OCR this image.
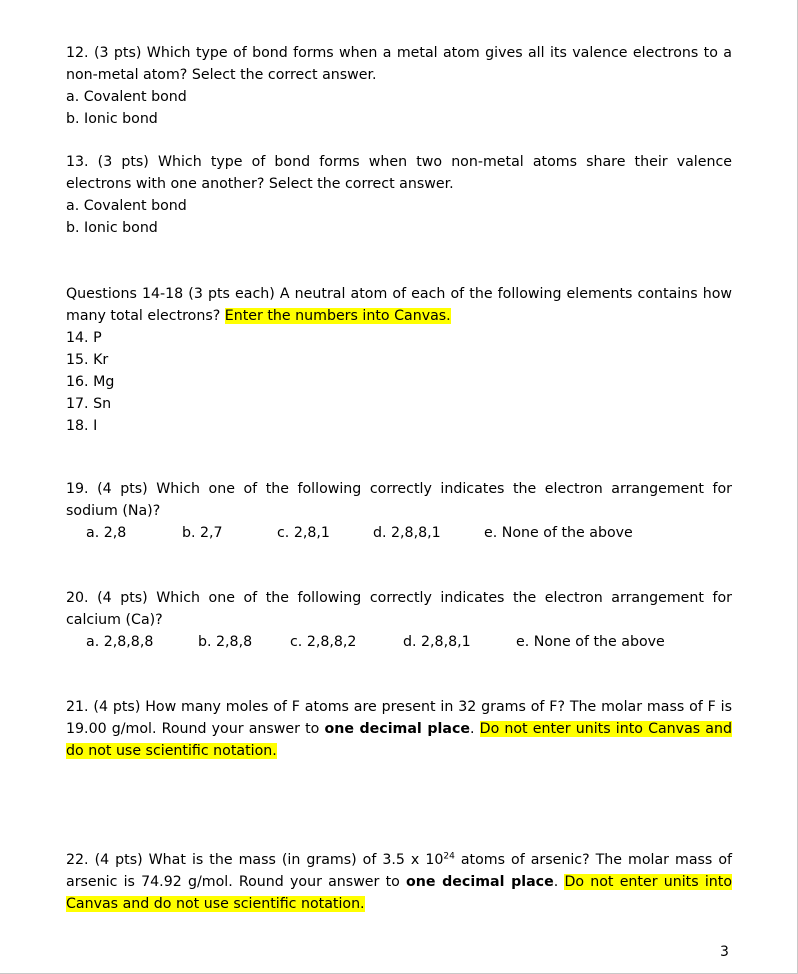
12. (3 pts) Which type of bond forms when a metal atom gives all its valence electrons to a non-metal atom? Select the correct answer.

a. Covalent bond
b. Ionic bond

13. (3 pts) Which type of bond forms when two non-metal atoms share their valence electrons with one another? Select the correct answer.

a. Covalent bond
b. Ionic bond

Questions 14-18 (3 pts each) A neutral atom of each of the following elements contains how many total electrons? Enter the numbers into Canvas.

14. P
15. Kr
16. Mg
17. Sn
18. I

19. (4 pts) Which one of the following correctly indicates the electron arrangement for sodium (Na)?

a. 2,8	b. 2,7	c. 2,8,1	d. 2,8,8,1	e. None of the above

20. (4 pts) Which one of the following correctly indicates the electron arrangement for calcium (Ca)?

a. 2,8,8,8	b. 2,8,8	c. 2,8,8,2	d. 2,8,8,1	e. None of the above

21. (4 pts) How many moles of F atoms are present in 32 grams of F? The molar mass of F is 19.00 g/mol. Round your answer to one decimal place. Do not enter units into Canvas and do not use scientific notation.

22. (4 pts) What is the mass (in grams) of 3.5 x $10^{24}$ atoms of arsenic? The molar mass of arsenic is 74.92 g/mol. Round your answer to one decimal place. Do not enter units into Canvas and do not use scientific notation.

3
